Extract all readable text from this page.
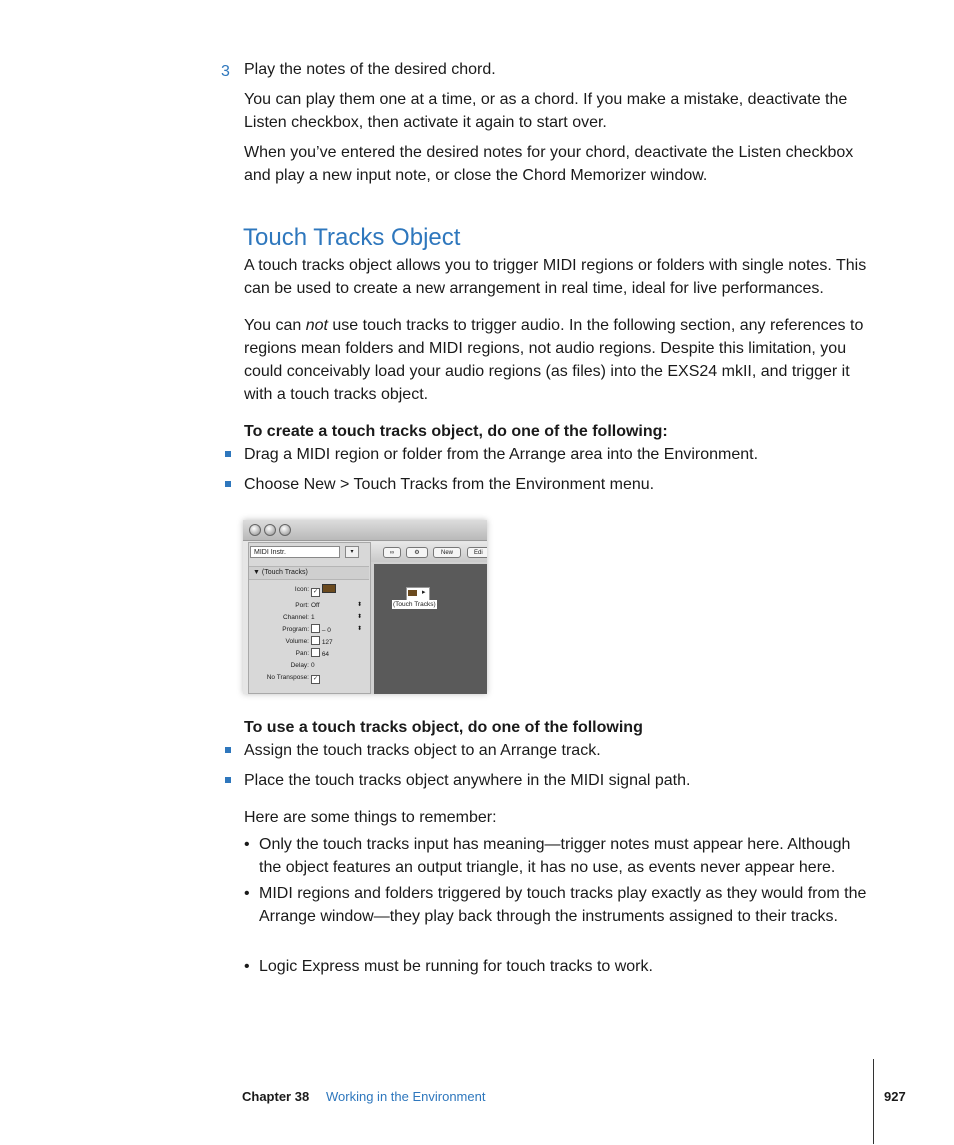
3 Play the notes of the desired chord.

You can play them one at a time, or as a chord. If you make a mistake, deactivate the Listen checkbox, then activate it again to start over.

When you’ve entered the desired notes for your chord, deactivate the Listen checkbox and play a new input note, or close the Chord Memorizer window.

Touch Tracks Object

A touch tracks object allows you to trigger MIDI regions or folders with single notes. This can be used to create a new arrangement in real time, ideal for live performances.

You can not use touch tracks to trigger audio. In the following section, any references to regions mean folders and MIDI regions, not audio regions. Despite this limitation, you could conceivably load your audio regions (as files) into the EXS24 mkII, and trigger it with a touch tracks object.

To create a touch tracks object, do one of the following:

Drag a MIDI region or folder from the Arrange area into the Environment.

Choose New > Touch Tracks from the Environment menu.

MIDI Instr.	▾
▼ (Touch Tracks)
Icon: ✓
Port: Off	⬍
Channel: 1	⬍
Program:	– 0	⬍
Volume:	127
Pan:	64
Delay: 0
No Transpose: ✓
∞	⚙	New	Edi
▸
(Touch Tracks)

To use a touch tracks object, do one of the following

Assign the touch tracks object to an Arrange track.

Place the touch tracks object anywhere in the MIDI signal path.

Here are some things to remember:

• Only the touch tracks input has meaning—trigger notes must appear here. Although the object features an output triangle, it has no use, as events never appear here.

• MIDI regions and folders triggered by touch tracks play exactly as they would from the Arrange window—they play back through the instruments assigned to their tracks.

• Logic Express must be running for touch tracks to work.

Chapter 38 Working in the Environment	927
